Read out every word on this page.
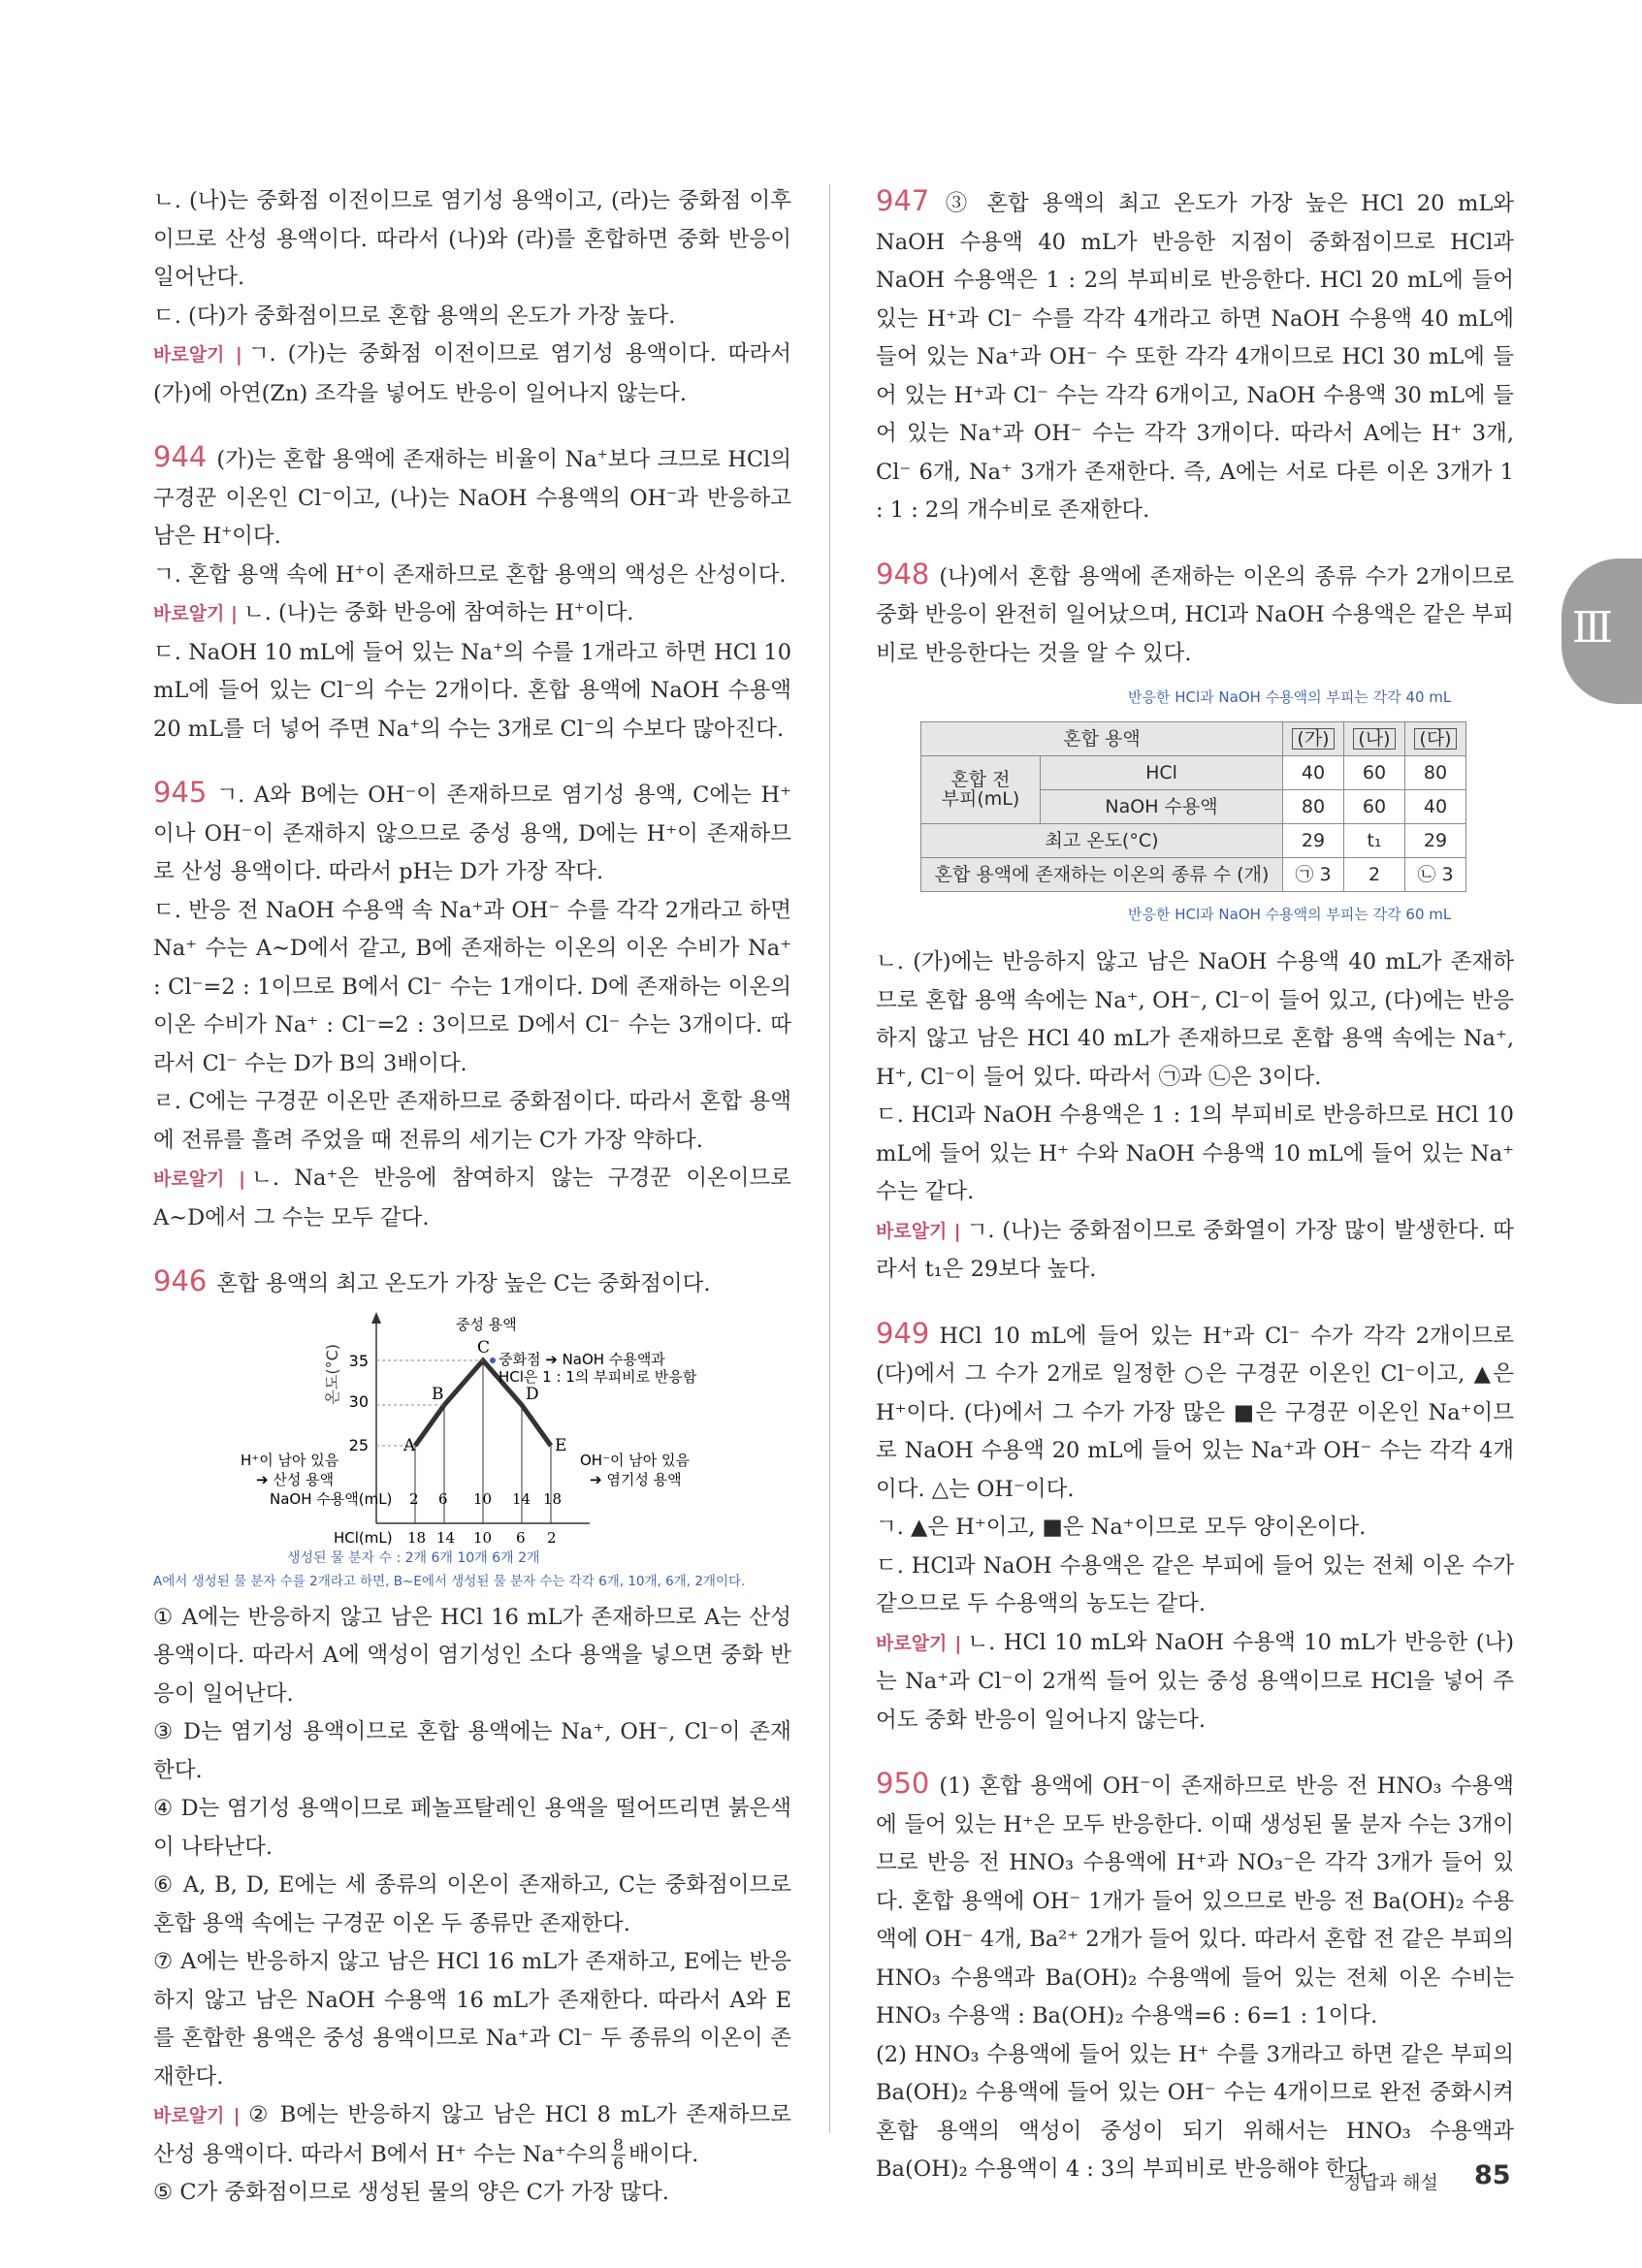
Ⅲ

ㄴ. (나)는 중화점 이전이므로 염기성 용액이고, (라)는 중화점 이후이므로 산성 용액이다. 따라서 (나)와 (라)를 혼합하면 중화 반응이 일어난다.

ㄷ. (다)가 중화점이므로 혼합 용액의 온도가 가장 높다.

바로알기 | ㄱ. (가)는 중화점 이전이므로 염기성 용액이다. 따라서 (가)에 아연(Zn) 조각을 넣어도 반응이 일어나지 않는다.

944 (가)는 혼합 용액에 존재하는 비율이 Na+보다 크므로 HCl의 구경꾼 이온인 Cl−이고, (나)는 NaOH 수용액의 OH−과 반응하고 남은 H+이다.

ㄱ. 혼합 용액 속에 H+이 존재하므로 혼합 용액의 액성은 산성이다.

바로알기 | ㄴ. (나)는 중화 반응에 참여하는 H+이다.

ㄷ. NaOH 10 mL에 들어 있는 Na+의 수를 1개라고 하면 HCl 10 mL에 들어 있는 Cl−의 수는 2개이다. 혼합 용액에 NaOH 수용액 20 mL를 더 넣어 주면 Na+의 수는 3개로 Cl−의 수보다 많아진다.

945 ㄱ. A와 B에는 OH⁻이 존재하므로 염기성 용액, C에는 H⁺이나 OH⁻이 존재하지 않으므로 중성 용액, D에는 H⁺이 존재하므로 산성 용액이다. 따라서 pH는 D가 가장 작다.

ㄷ. 반응 전 NaOH 수용액 속 Na⁺과 OH⁻ 수를 각각 2개라고 하면 Na⁺ 수는 A~D에서 같고, B에 존재하는 이온의 이온 수비가 Na⁺ : Cl⁻=2 : 1이므로 B에서 Cl⁻ 수는 1개이다. D에 존재하는 이온의 이온 수비가 Na⁺ : Cl⁻=2 : 3이므로 D에서 Cl⁻ 수는 3개이다. 따라서 Cl⁻ 수는 D가 B의 3배이다.

ㄹ. C에는 구경꾼 이온만 존재하므로 중화점이다. 따라서 혼합 용액에 전류를 흘려 주었을 때 전류의 세기는 C가 가장 약하다.

바로알기 | ㄴ. Na⁺은 반응에 참여하지 않는 구경꾼 이온이므로 A~D에서 그 수는 모두 같다.

946 혼합 용액의 최고 온도가 가장 높은 C는 중화점이다.

온도(°C) 35
30
25 A
B
C
D
E
중성 용액
중화점 ➔ NaOH 수용액과
HCl은 1 : 1의 부피비로 반응함
H⁺이 남아 있음
➔ 산성 용액
OH⁻이 남아 있음
➔ 염기성 용액
NaOH 수용액(mL) 2 6 10 14 18
HCl(mL) 18 14 10 6 2
생성된 물 분자 수 : 2개 6개 10개 6개 2개
A에서 생성된 물 분자 수를 2개라고 하면, B~E에서 생성된 물 분자 수는 각각 6개, 10개, 6개, 2개이다.

① A에는 반응하지 않고 남은 HCl 16 mL가 존재하므로 A는 산성 용액이다. 따라서 A에 액성이 염기성인 소다 용액을 넣으면 중화 반응이 일어난다.

③ D는 염기성 용액이므로 혼합 용액에는 Na⁺, OH⁻, Cl⁻이 존재한다.

④ D는 염기성 용액이므로 페놀프탈레인 용액을 떨어뜨리면 붉은색이 나타난다.

⑥ A, B, D, E에는 세 종류의 이온이 존재하고, C는 중화점이므로 혼합 용액 속에는 구경꾼 이온 두 종류만 존재한다.

⑦ A에는 반응하지 않고 남은 HCl 16 mL가 존재하고, E에는 반응하지 않고 남은 NaOH 수용액 16 mL가 존재한다. 따라서 A와 E를 혼합한 용액은 중성 용액이므로 Na⁺과 Cl⁻ 두 종류의 이온이 존재한다.

바로알기 | ② B에는 반응하지 않고 남은 HCl 8 mL가 존재하므로 산성 용액이다. 따라서 B에서 H⁺ 수는 Na⁺수의 $\frac{8}{6}$ 배이다.

⑤ C가 중화점이므로 생성된 물의 양은 C가 가장 많다.

947 ③ 혼합 용액의 최고 온도가 가장 높은 HCl 20 mL와 NaOH 수용액 40 mL가 반응한 지점이 중화점이므로 HCl과 NaOH 수용액은 1 : 2의 부피비로 반응한다. HCl 20 mL에 들어 있는 H⁺과 Cl⁻ 수를 각각 4개라고 하면 NaOH 수용액 40 mL에 들어 있는 Na⁺과 OH⁻ 수 또한 각각 4개이므로 HCl 30 mL에 들어 있는 H⁺과 Cl⁻ 수는 각각 6개이고, NaOH 수용액 30 mL에 들어 있는 Na⁺과 OH⁻ 수는 각각 3개이다. 따라서 A에는 H⁺ 3개, Cl⁻ 6개, Na⁺ 3개가 존재한다. 즉, A에는 서로 다른 이온 3개가 1 : 1 : 2의 개수비로 존재한다.

948 (나)에서 혼합 용액에 존재하는 이온의 종류 수가 2개이므로 중화 반응이 완전히 일어났으며, HCl과 NaOH 수용액은 같은 부피비로 반응한다는 것을 알 수 있다.

반응한 HCl과 NaOH 수용액의 부피는 각각 40 mL
혼합 용액		(가)	(나)	(다)
혼합 전
부피(mL)	HCl	40	60	80
	NaOH 수용액	80	60	40
최고 온도(°C)		29	t₁	29
혼합 용액에 존재하는 이온의 종류 수 (개)		㉠ 3	2	㉡ 3
반응한 HCl과 NaOH 수용액의 부피는 각각 60 mL

ㄴ. (가)에는 반응하지 않고 남은 NaOH 수용액 40 mL가 존재하므로 혼합 용액 속에는 Na⁺, OH⁻, Cl⁻이 들어 있고, (다)에는 반응하지 않고 남은 HCl 40 mL가 존재하므로 혼합 용액 속에는 Na⁺, H⁺, Cl⁻이 들어 있다. 따라서 ㉠과 ㉡은 3이다.

ㄷ. HCl과 NaOH 수용액은 1 : 1의 부피비로 반응하므로 HCl 10 mL에 들어 있는 H⁺ 수와 NaOH 수용액 10 mL에 들어 있는 Na⁺ 수는 같다.

바로알기 | ㄱ. (나)는 중화점이므로 중화열이 가장 많이 발생한다. 따라서 t₁은 29보다 높다.

949 HCl 10 mL에 들어 있는 H⁺과 Cl⁻ 수가 각각 2개이므로 (다)에서 그 수가 2개로 일정한 ○은 구경꾼 이온인 Cl⁻이고, ▲은 H⁺이다. (다)에서 그 수가 가장 많은 ■은 구경꾼 이온인 Na⁺이므로 NaOH 수용액 20 mL에 들어 있는 Na⁺과 OH⁻ 수는 각각 4개이다. △는 OH⁻이다.

ㄱ. ▲은 H⁺이고, ■은 Na⁺이므로 모두 양이온이다.

ㄷ. HCl과 NaOH 수용액은 같은 부피에 들어 있는 전체 이온 수가 같으므로 두 수용액의 농도는 같다.

바로알기 | ㄴ. HCl 10 mL와 NaOH 수용액 10 mL가 반응한 (나)는 Na⁺과 Cl⁻이 2개씩 들어 있는 중성 용액이므로 HCl을 넣어 주어도 중화 반응이 일어나지 않는다.

950 (1) 혼합 용액에 OH⁻이 존재하므로 반응 전 HNO₃ 수용액에 들어 있는 H⁺은 모두 반응한다. 이때 생성된 물 분자 수는 3개이므로 반응 전 HNO₃ 수용액에 H⁺과 NO₃⁻은 각각 3개가 들어 있다. 혼합 용액에 OH⁻ 1개가 들어 있으므로 반응 전 Ba(OH)₂ 수용액에 OH⁻ 4개, Ba²⁺ 2개가 들어 있다. 따라서 혼합 전 같은 부피의 HNO₃ 수용액과 Ba(OH)₂ 수용액에 들어 있는 전체 이온 수비는 HNO₃ 수용액 : Ba(OH)₂ 수용액=6 : 6=1 : 1이다.

(2) HNO₃ 수용액에 들어 있는 H⁺ 수를 3개라고 하면 같은 부피의 Ba(OH)₂ 수용액에 들어 있는 OH⁻ 수는 4개이므로 완전 중화시켜 혼합 용액의 액성이 중성이 되기 위해서는 HNO₃ 수용액과 Ba(OH)₂ 수용액이 4 : 3의 부피비로 반응해야 한다.

정답과 해설 85
